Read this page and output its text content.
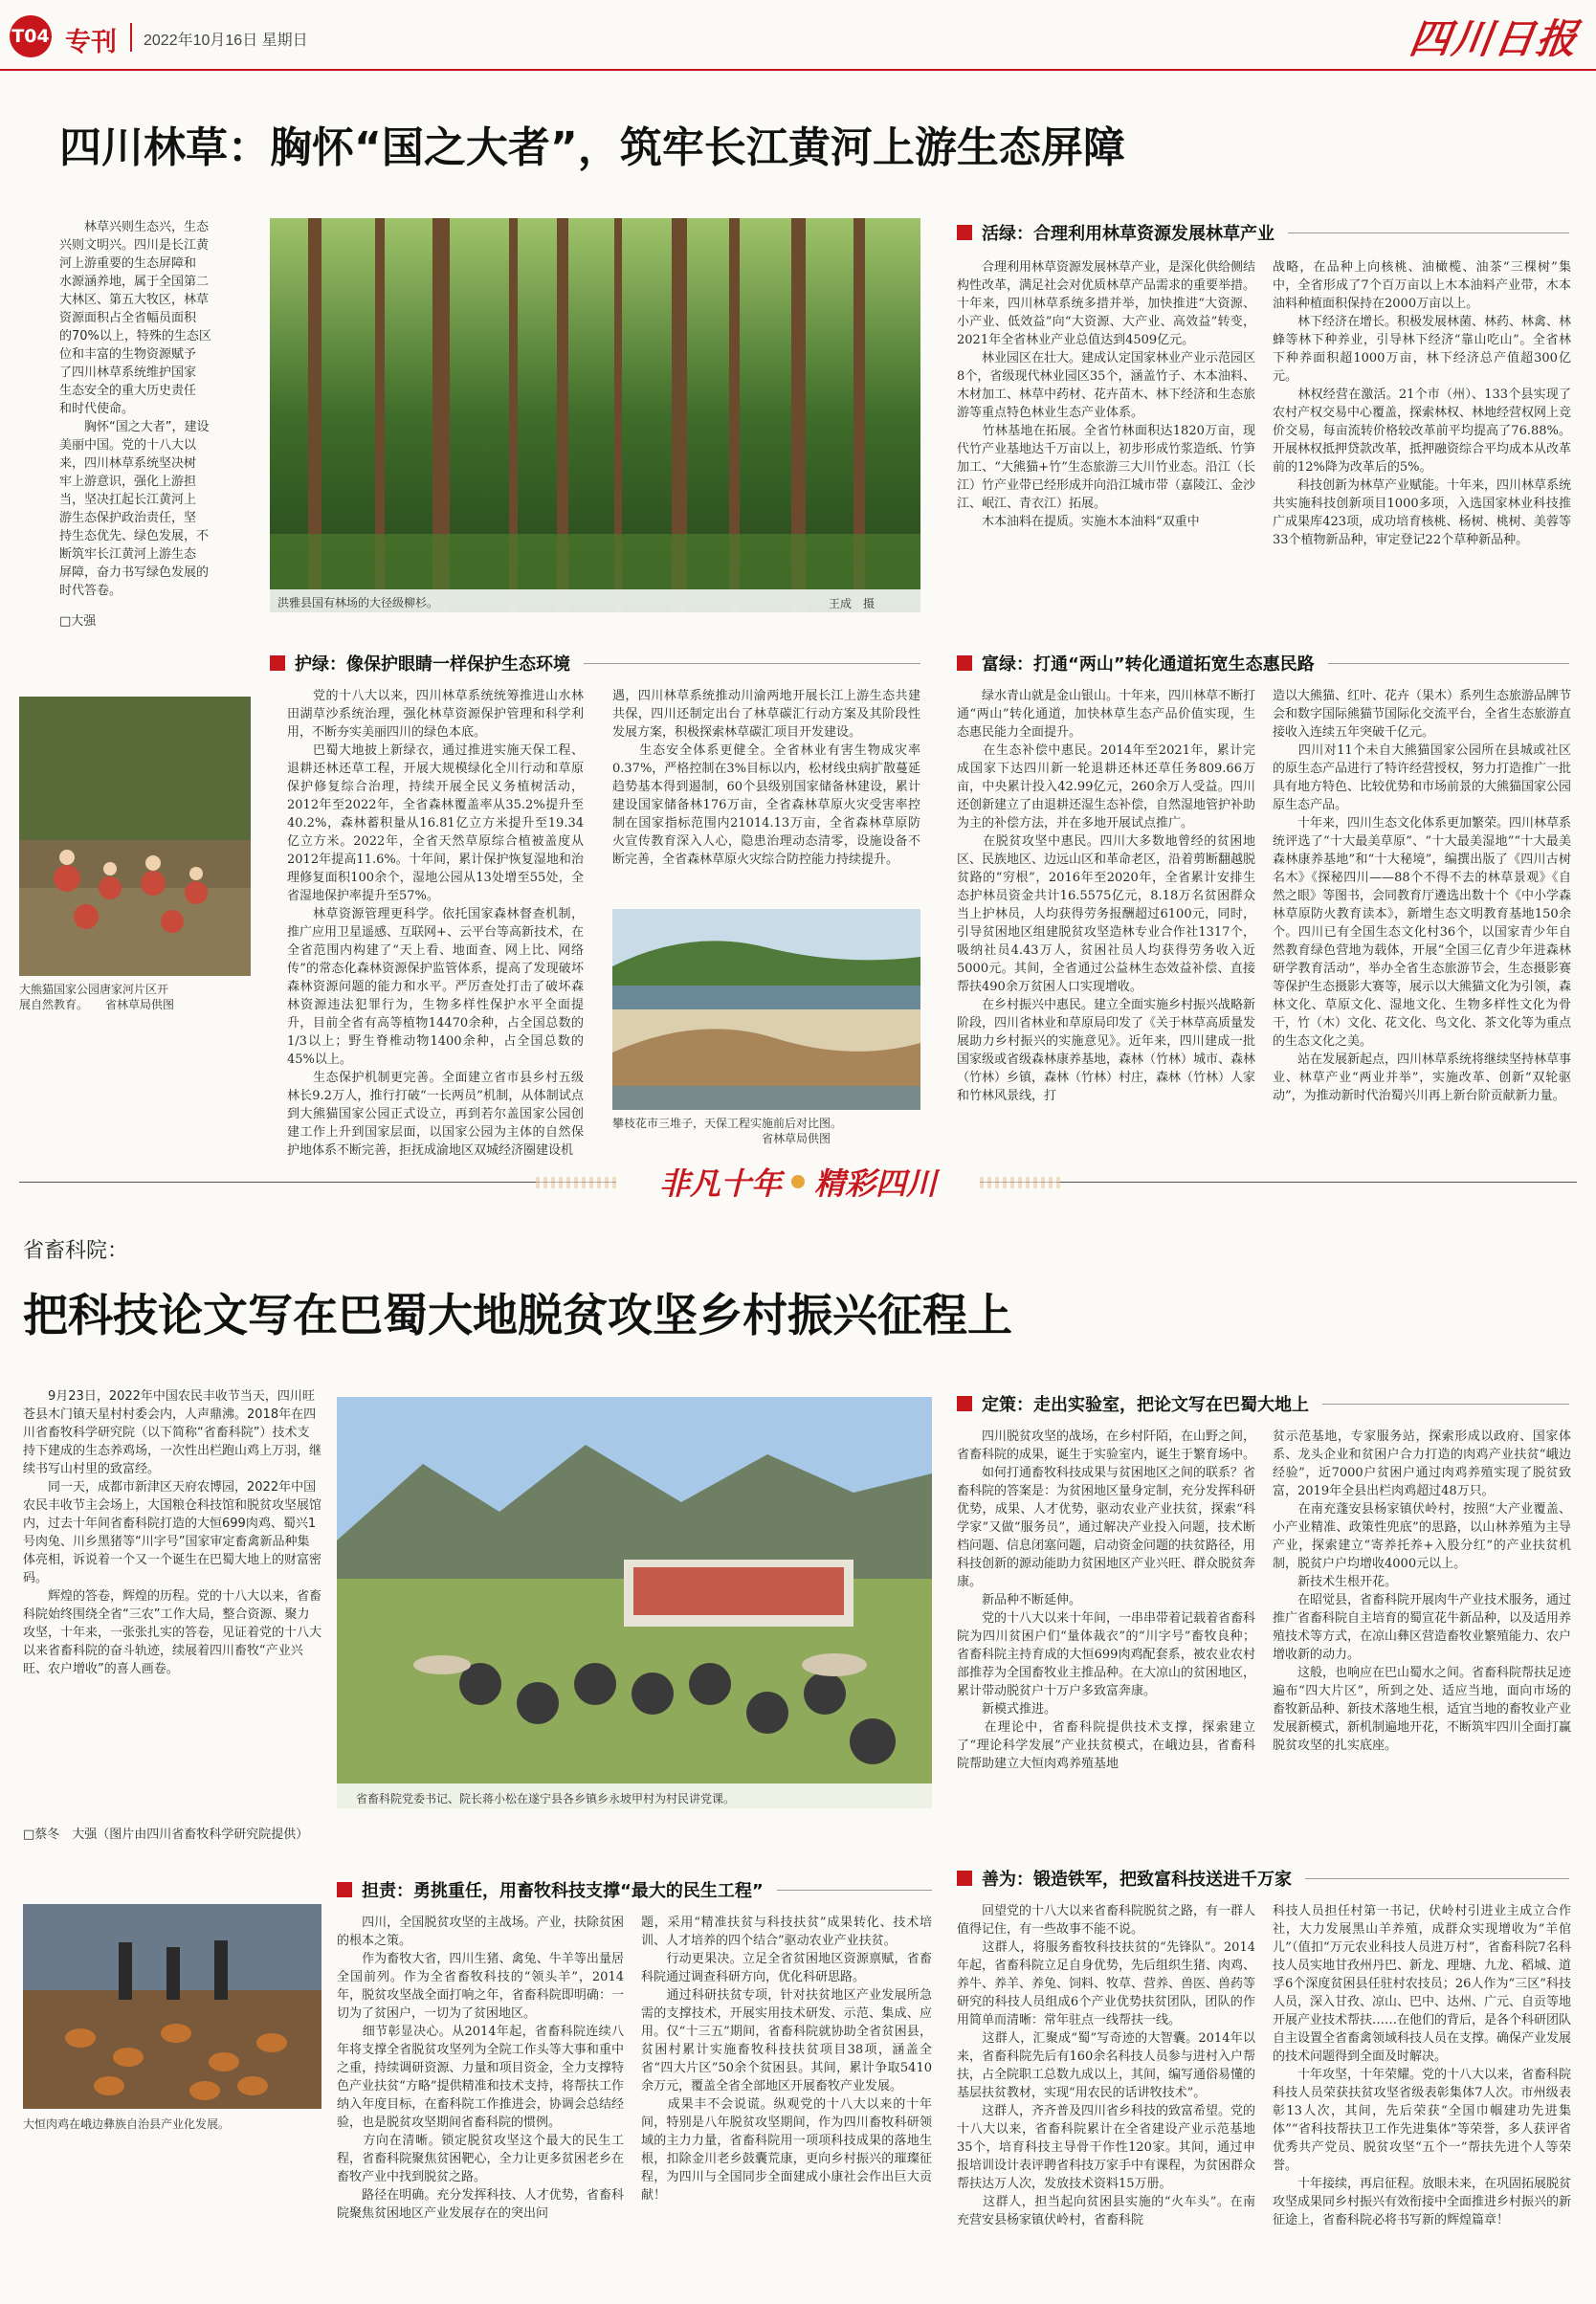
T04 专刊 2022年10月16日 星期日	四川日报
四川林草：胸怀“国之大者”，筑牢长江黄河上游生态屏障
　　林草兴则生态兴，生态
兴则文明兴。四川是长江黄
河上游重要的生态屏障和
水源涵养地，属于全国第二
大林区、第五大牧区，林草
资源面积占全省幅员面积
的70%以上，特殊的生态区
位和丰富的生物资源赋予
了四川林草系统维护国家
生态安全的重大历史责任
和时代使命。
　　胸怀“国之大者”，建设
美丽中国。党的十八大以
来，四川林草系统坚决树
牢上游意识，强化上游担
当，坚决扛起长江黄河上
游生态保护政治责任，坚
持生态优先、绿色发展，不
断筑牢长江黄河上游生态
屏障，奋力书写绿色发展的
时代答卷。
□大强
洪雅县国有林场的大径级柳杉。	王成　摄
活绿：合理利用林草资源发展林草产业
　　合理利用林草资源发展林草产业，是深化供给侧结构性改革，满足社会对优质林草产品需求的重要举措。十年来，四川林草系统多措并举，加快推进“大资源、小产业、低效益”向“大资源、大产业、高效益”转变，2021年全省林业产业总值达到4509亿元。
　　林业园区在壮大。建成认定国家林业产业示范园区8个，省级现代林业园区35个，涵盖竹子、木本油料、木材加工、林草中药材、花卉苗木、林下经济和生态旅游等重点特色林业生态产业体系。
　　竹林基地在拓展。全省竹林面积达1820万亩，现代竹产业基地达千万亩以上，初步形成竹浆造纸、竹笋加工、“大熊猫+竹”生态旅游三大川竹业态。沿江（长江）竹产业带已经形成并向沿江城市带（嘉陵江、金沙江、岷江、青衣江）拓展。
　　木本油料在提质。实施木本油料“双重中
战略，在品种上向核桃、油橄榄、油茶“三棵树”集中，全省形成了7个百万亩以上木本油料产业带，木本油料种植面积保持在2000万亩以上。
　　林下经济在增长。积极发展林菌、林药、林禽、林蜂等林下种养业，引导林下经济“靠山吃山”。全省林下种养面积超1000万亩，林下经济总产值超300亿元。
　　林权经营在激活。21个市（州）、133个县实现了农村产权交易中心覆盖，探索林权、林地经营权网上竞价交易，每亩流转价格较改革前平均提高了76.88%。开展林权抵押贷款改革，抵押融资综合平均成本从改革前的12%降为改革后的5%。
　　科技创新为林草产业赋能。十年来，四川林草系统共实施科技创新项目1000多项，入选国家林业科技推广成果库423项，成功培育核桃、杨树、桃树、美蓉等33个植物新品种，审定登记22个草种新品种。
大熊猫国家公园唐家河片区开
展自然教育。　　省林草局供图
护绿：像保护眼睛一样保护生态环境
　　党的十八大以来，四川林草系统统筹推进山水林田湖草沙系统治理，强化林草资源保护管理和科学利用，不断夯实美丽四川的绿色本底。
　　巴蜀大地披上新绿衣，通过推进实施天保工程、退耕还林还草工程，开展大规模绿化全川行动和草原保护修复综合治理，持续开展全民义务植树活动，2012年至2022年，全省森林覆盖率从35.2%提升至40.2%，森林蓄积量从16.81亿立方米提升至19.34亿立方米。2022年，全省天然草原综合植被盖度从2012年提高11.6%。十年间，累计保护恢复湿地和治理修复面积100余个，湿地公园从13处增至55处，全省湿地保护率提升至57%。
　　林草资源管理更科学。依托国家森林督查机制，推广应用卫星遥感、互联网+、云平台等高新技术，在全省范围内构建了“天上看、地面查、网上比、网络传”的常态化森林资源保护监管体系，提高了发现破坏森林资源问题的能力和水平。严厉查处打击了破坏森林资源违法犯罪行为，生物多样性保护水平全面提升，目前全省有高等植物14470余种，占全国总数的1/3以上；野生脊椎动物1400余种，占全国总数的45%以上。
　　生态保护机制更完善。全面建立省市县乡村五级林长9.2万人，推行打破“一长两员”机制，从体制试点到大熊猫国家公园正式设立，再到若尔盖国家公园创建工作上升到国家层面，以国家公园为主体的自然保护地体系不断完善，拒抚成渝地区双城经济圈建设机
遇，四川林草系统推动川渝两地开展长江上游生态共建共保，四川还制定出台了林草碳汇行动方案及其阶段性发展方案，积极探索林草碳汇项目开发建设。
　　生态安全体系更健全。全省林业有害生物成灾率0.37%，严格控制在3%目标以内，松材线虫病扩散蔓延趋势基本得到遏制，60个县级别国家储备林建设，累计建设国家储备林176万亩，全省森林草原火灾受害率控制在国家指标范围内21014.13万亩，全省森林草原防火宣传教育深入人心，隐患治理动态清零，设施设备不断完善，全省森林草原火灾综合防控能力持续提升。
攀枝花市三堆子，天保工程实施前后对比图。
　　　　　　　　　　　　　省林草局供图
富绿：打通“两山”转化通道拓宽生态惠民路
　　绿水青山就是金山银山。十年来，四川林草不断打通“两山”转化通道，加快林草生态产品价值实现，生态惠民能力全面提升。
　　在生态补偿中惠民。2014年至2021年，累计完成国家下达四川新一轮退耕还林还草任务809.66万亩，中央累计投入42.99亿元，260余万人受益。四川还创新建立了由退耕还湿生态补偿，自然湿地管护补助为主的补偿方法，并在多地开展试点推广。
　　在脱贫攻坚中惠民。四川大多数地曾经的贫困地区、民族地区、边远山区和革命老区，沿着剪断翻越脱贫路的“穷根”，2016年至2020年，全省累计安排生态护林员资金共计16.5575亿元，8.18万名贫困群众当上护林员，人均获得劳务报酬超过6100元，同时，引导贫困地区组建脱贫攻坚造林专业合作社1317个，吸纳社员4.43万人，贫困社员人均获得劳务收入近5000元。其间，全省通过公益林生态效益补偿、直接帮扶490余万贫困人口实现增收。
　　在乡村振兴中惠民。建立全面实施乡村振兴战略新阶段，四川省林业和草原局印发了《关于林草高质量发展助力乡村振兴的实施意见》。近年来，四川建成一批国家级或省级森林康养基地，森林（竹林）城市、森林（竹林）乡镇，森林（竹林）村庄，森林（竹林）人家和竹林风景线，打
造以大熊猫、红叶、花卉（果木）系列生态旅游品牌节会和数字国际熊猫节国际化交流平台，全省生态旅游直接收入连续五年突破千亿元。
　　四川对11个未自大熊猫国家公园所在县城或社区的原生态产品进行了特许经营授权，努力打造推广一批具有地方特色、比较优势和市场前景的大熊猫国家公园原生态产品。
　　十年来，四川生态文化体系更加繁荣。四川林草系统评选了“十大最美草原”、“十大最美湿地”“十大最美森林康养基地”和“十大秘境”，编撰出版了《四川古树名木》《探秘四川——88个不得不去的林草景观》《自然之眼》等图书，会同教育厅遴选出数十个《中小学森林草原防火教育读本》，新增生态文明教育基地150余个。四川已有全国生态文化村36个，以国家青少年自然教育绿色营地为载体，开展“全国三亿青少年进森林研学教育活动”，举办全省生态旅游节会，生态摄影赛等保护生态摄影大赛等，展示以大熊猫文化为引领，森林文化、草原文化、湿地文化、生物多样性文化为骨干，竹（木）文化、花文化、鸟文化、茶文化等为重点的生态文化之美。
　　站在发展新起点，四川林草系统将继续坚持林草事业、林草产业“两业并举”，实施改革、创新“双轮驱动”，为推动新时代治蜀兴川再上新台阶贡献新力量。
非凡十年 精彩四川
省畜科院：
把科技论文写在巴蜀大地脱贫攻坚乡村振兴征程上
　　9月23日，2022年中国农民丰收节当天，四川旺苍县木门镇天星村村委会内，人声鼎沸。2018年在四川省畜牧科学研究院（以下简称“省畜科院”）技术支持下建成的生态养鸡场，一次性出栏跑山鸡上万羽，继续书写山村里的致富经。
　　同一天，成都市新津区天府农博园，2022年中国农民丰收节主会场上，大国粮仓科技馆和脱贫攻坚展馆内，过去十年间省畜科院打造的大恒699肉鸡、蜀兴1号肉兔、川乡黑猪等“川字号”国家审定畜禽新品种集体亮相，诉说着一个又一个诞生在巴蜀大地上的财富密码。
　　辉煌的答卷，辉煌的历程。党的十八大以来，省畜科院始终围绕全省“三农”工作大局，整合资源、聚力攻坚，十年来，一张张扎实的答卷，见证着党的十八大以来省畜科院的奋斗轨迹，续展着四川畜牧“产业兴旺、农户增收”的喜人画卷。
□蔡冬　大强（图片由四川省畜牧科学研究院提供）
省畜科院党委书记、院长蒋小松在遂宁县各乡镇乡永坡甲村为村民讲党课。
大恒肉鸡在峨边彝族自治县产业化发展。
定策：走出实验室，把论文写在巴蜀大地上
　　四川脱贫攻坚的战场，在乡村阡陌，在山野之间，省畜科院的成果，诞生于实验室内，诞生于繁育场中。
　　如何打通畜牧科技成果与贫困地区之间的联系？省畜科院的答案是：为贫困地区量身定制，充分发挥科研优势，成果、人才优势，驱动农业产业扶贫，探索“科学家”又做“服务员”，通过解决产业投入问题，技术断档问题、信息闭塞问题，启动资金问题的扶贫路径，用科技创新的源动能助力贫困地区产业兴旺、群众脱贫奔康。
　　新品种不断延伸。
　　党的十八大以来十年间，一串串带着记载着省畜科院为四川贫困户们“量体裁衣”的“川字号”畜牧良种；省畜科院主持育成的大恒699肉鸡配套系，被农业农村部推荐为全国畜牧业主推品种。在大凉山的贫困地区，累计带动脱贫户十万户多致富奔康。
　　新模式推进。
　　在理论中，省畜科院提供技术支撑，探索建立了“理论科学发展”产业扶贫模式，在峨边县，省畜科院帮助建立大恒肉鸡养殖基地
贫示范基地，专家服务站，探索形成以政府、国家体系、龙头企业和贫困户合力打造的肉鸡产业扶贫“峨边经验”，近7000户贫困户通过肉鸡养殖实现了脱贫致富，2019年全县出栏肉鸡超过48万只。
　　在南充蓬安县杨家镇伏岭村，按照“大产业覆盖、小产业精准、政策性兜底”的思路，以山林养殖为主导产业，探索建立“寄养托养+入股分红”的产业扶贫机制，脱贫户户均增收4000元以上。
　　新技术生根开花。
　　在昭觉县，省畜科院开展肉牛产业技术服务，通过推广省畜科院自主培育的蜀宣花牛新品种，以及适用养殖技术等方式，在凉山彝区营造畜牧业繁殖能力、农户增收新的动力。
　　这般，也响应在巴山蜀水之间。省畜科院帮扶足迹遍布“四大片区”，所到之处、适应当地，面向市场的畜牧新品种、新技术落地生根，适宜当地的畜牧业产业发展新模式，新机制遍地开花，不断筑牢四川全面打赢脱贫攻坚的扎实底座。
担责：勇挑重任，用畜牧科技支撑“最大的民生工程”
　　四川，全国脱贫攻坚的主战场。产业，扶除贫困的根本之策。
　　作为畜牧大省，四川生猪、禽兔、牛羊等出量居全国前列。作为全省畜牧科技的“领头羊”，2014年，脱贫攻坚战全面打响之年，省畜科院即明确：一切为了贫困户，一切为了贫困地区。
　　细节彰显决心。从2014年起，省畜科院连续八年将支撑全省脱贫攻坚列为全院工作头等大事和重中之重，持续调研资源、力量和项目资金，全力支撑特色产业扶贫“方略”提供精准和技术支持，将帮扶工作纳入年度目标，在畜科院工作推进会，协调会总结经验，也是脱贫攻坚期间省畜科院的惯例。
　　方向在清晰。锁定脱贫攻坚这个最大的民生工程，省畜科院聚焦贫困靶心，全力让更多贫困老乡在畜牧产业中找到脱贫之路。
　　路径在明确。充分发挥科技、人才优势，省畜科院聚焦贫困地区产业发展存在的突出问
题，采用“精准扶贫与科技扶贫”成果转化、技术培训、人才培养的四个结合”驱动农业产业扶贫。
　　行动更果决。立足全省贫困地区资源禀赋，省畜科院通过调查科研方向，优化科研思路。
　　通过科研扶贫专项，针对扶贫地区产业发展所急需的支撑技术，开展实用技术研发、示范、集成、应用。仅“十三五”期间，省畜科院就协助全省贫困县，贫困村累计实施畜牧科技扶贫项目38项，涵盖全省“四大片区”50余个贫困县。其间，累计争取5410余万元，覆盖全省全部地区开展畜牧产业发展。
　　成果丰不会说谎。纵观党的十八大以来的十年间，特别是八年脱贫攻坚期间，作为四川畜牧科研领域的主力力量，省畜科院用一项项科技成果的落地生根，扣除金川老乡鼓囊荒康，更向乡村振兴的璀璨征程，为四川与全国同步全面建成小康社会作出巨大贡献！
善为：锻造铁军，把致富科技送进千万家
　　回望党的十八大以来省畜科院脱贫之路，有一群人值得记住，有一些故事不能不说。
　　这群人，将服务畜牧科技扶贫的“先锋队”。2014年起，省畜科院立足自身优势，先后组织生猪、肉鸡、养牛、养羊、养兔、饲料、牧草、营养、兽医、兽药等研究的科技人员组成6个产业优势扶贫团队，团队的作用简单而清晰：常年驻点一线帮扶一线。
　　这群人，汇聚成“蜀”写奇迹的大智囊。2014年以来，省畜科院先后有160余名科技人员参与进村入户帮扶，占全院职工总数九成以上，其间，编写通俗易懂的基层扶贫教材，实现“用农民的话讲牧技术”。
　　这群人，齐齐普及四川省乡科技的致富希望。党的十八大以来，省畜科院累计在全省建设产业示范基地35个，培育科技主导骨干作性120家。其间，通过申报培训设计表评聘省科技万家手中有课程，为贫困群众帮扶达万人次，发放技术资料15万册。
　　这群人，担当起向贫困县实施的“火车头”。在南充营安县杨家镇伏岭村，省畜科院
科技人员担任村第一书记，伏岭村引进业主成立合作社，大力发展黑山羊养殖，成群众实现增收为“羊倌儿”（值扣“万元农业科技人员进万村”，省畜科院7名科技人员实地甘孜州丹巴、新龙、理塘、九龙、稻城、道孚6个深度贫困县任驻村农技员；26人作为“三区”科技人员，深入甘孜、凉山、巴中、达州、广元、自贡等地开展产业技术帮扶……在他们的背后，是各个科研团队自主设置全省畜禽领域科技人员在支撑。确保产业发展的技术问题得到全面及时解决。
　　十年攻坚，十年荣耀。党的十八大以来，省畜科院科技人员荣获扶贫攻坚省级表彰集体7人次。市州级表彰13人次，其间，先后荣获“全国巾帼建功先进集体”“省科技帮扶卫工作先进集体”等荣誉，多人获评省优秀共产党员、脱贫攻坚“五个一”帮扶先进个人等荣誉。
　　十年接续，再启征程。放眼未来，在巩固拓展脱贫攻坚成果同乡村振兴有效衔接中全面推进乡村振兴的新征途上，省畜科院必将书写新的辉煌篇章！
